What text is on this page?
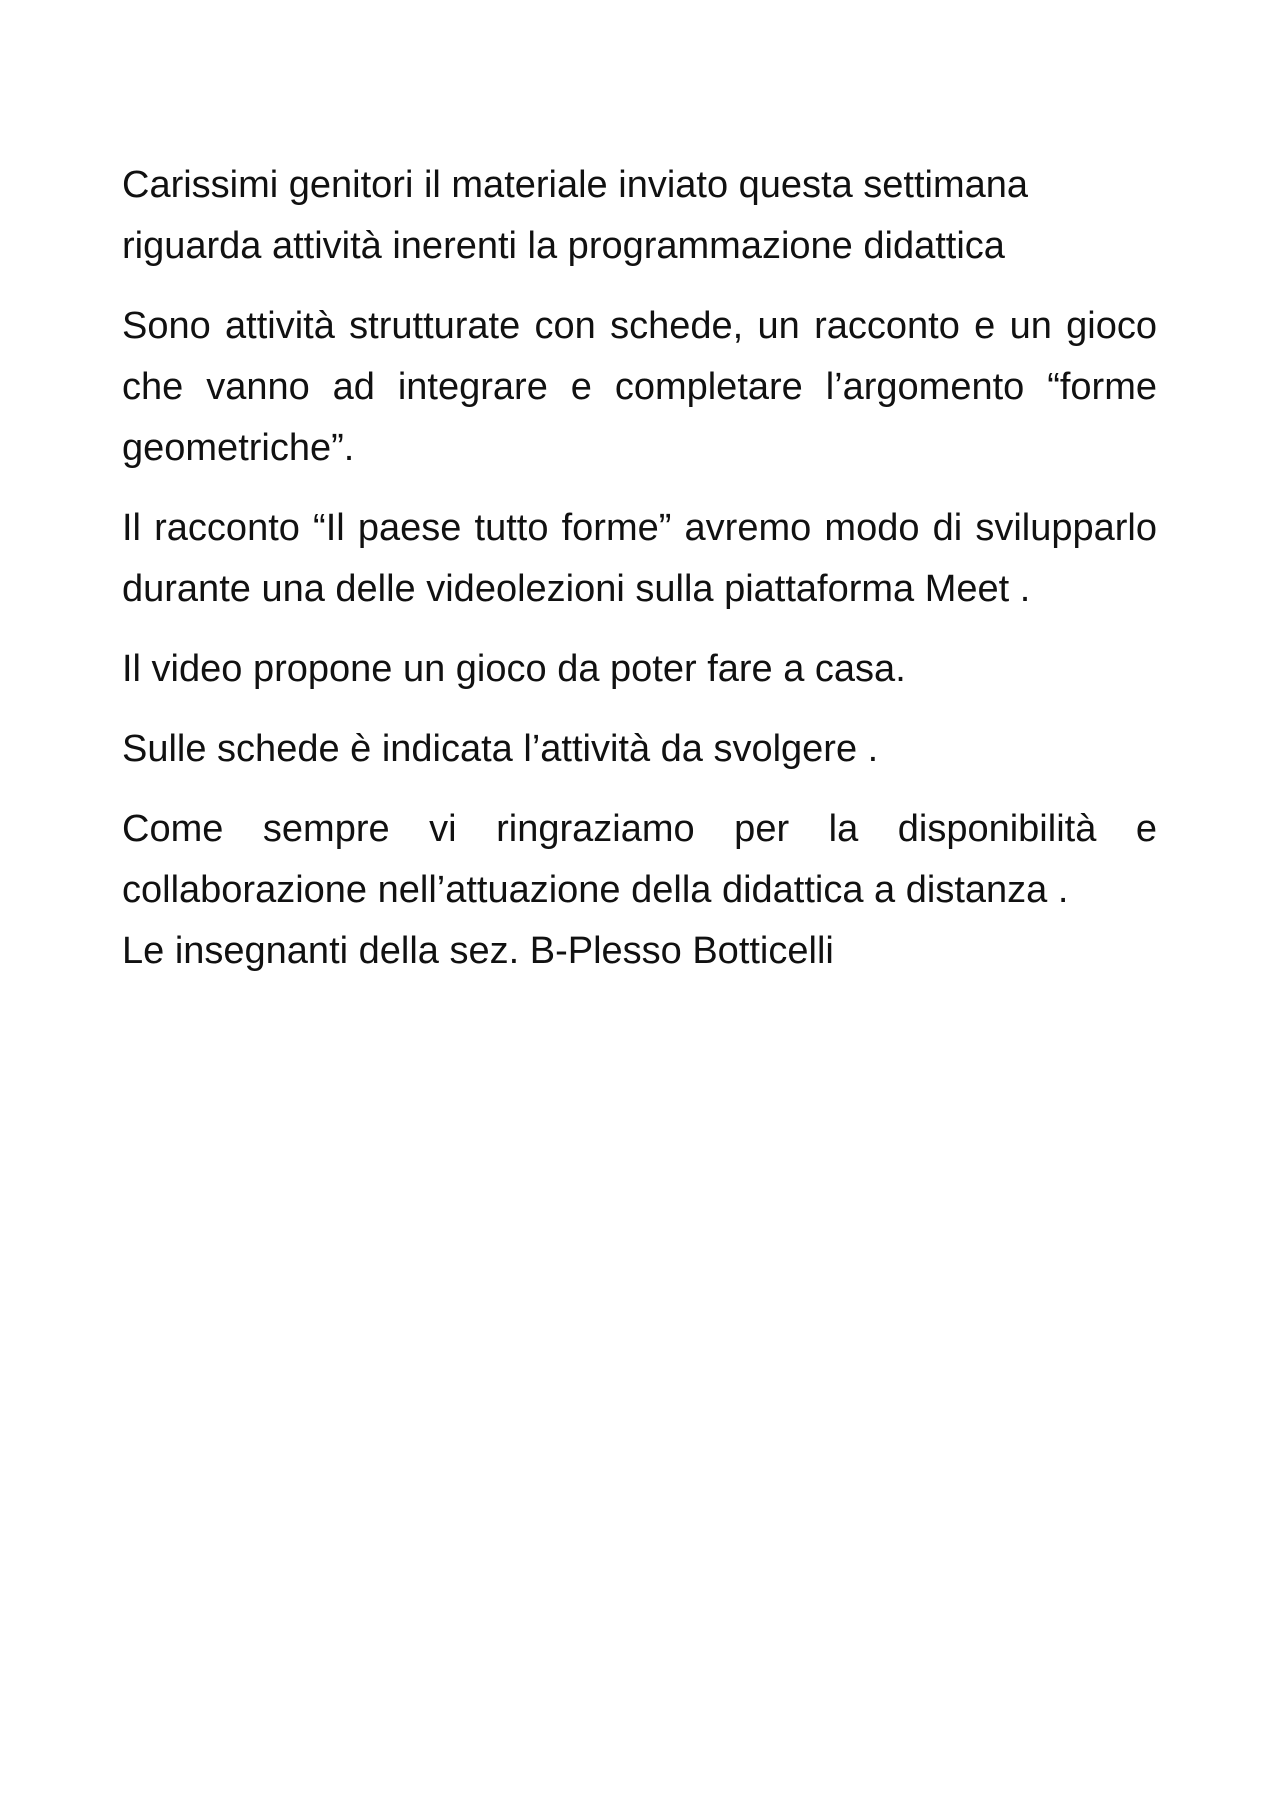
Carissimi genitori il materiale inviato questa settimana riguarda attività inerenti la programmazione didattica

Sono attività strutturate con schede, un racconto e un gioco che vanno ad integrare e completare l’argomento “forme geometriche”.

Il racconto “Il paese tutto forme” avremo modo di svilupparlo durante una delle videolezioni sulla piattaforma Meet .

Il video propone un gioco da poter fare a casa.

Sulle schede è indicata l’attività da svolgere .

Come sempre vi ringraziamo per la disponibilità e collaborazione nell’attuazione della didattica a distanza .

Le insegnanti della sez. B-Plesso Botticelli
